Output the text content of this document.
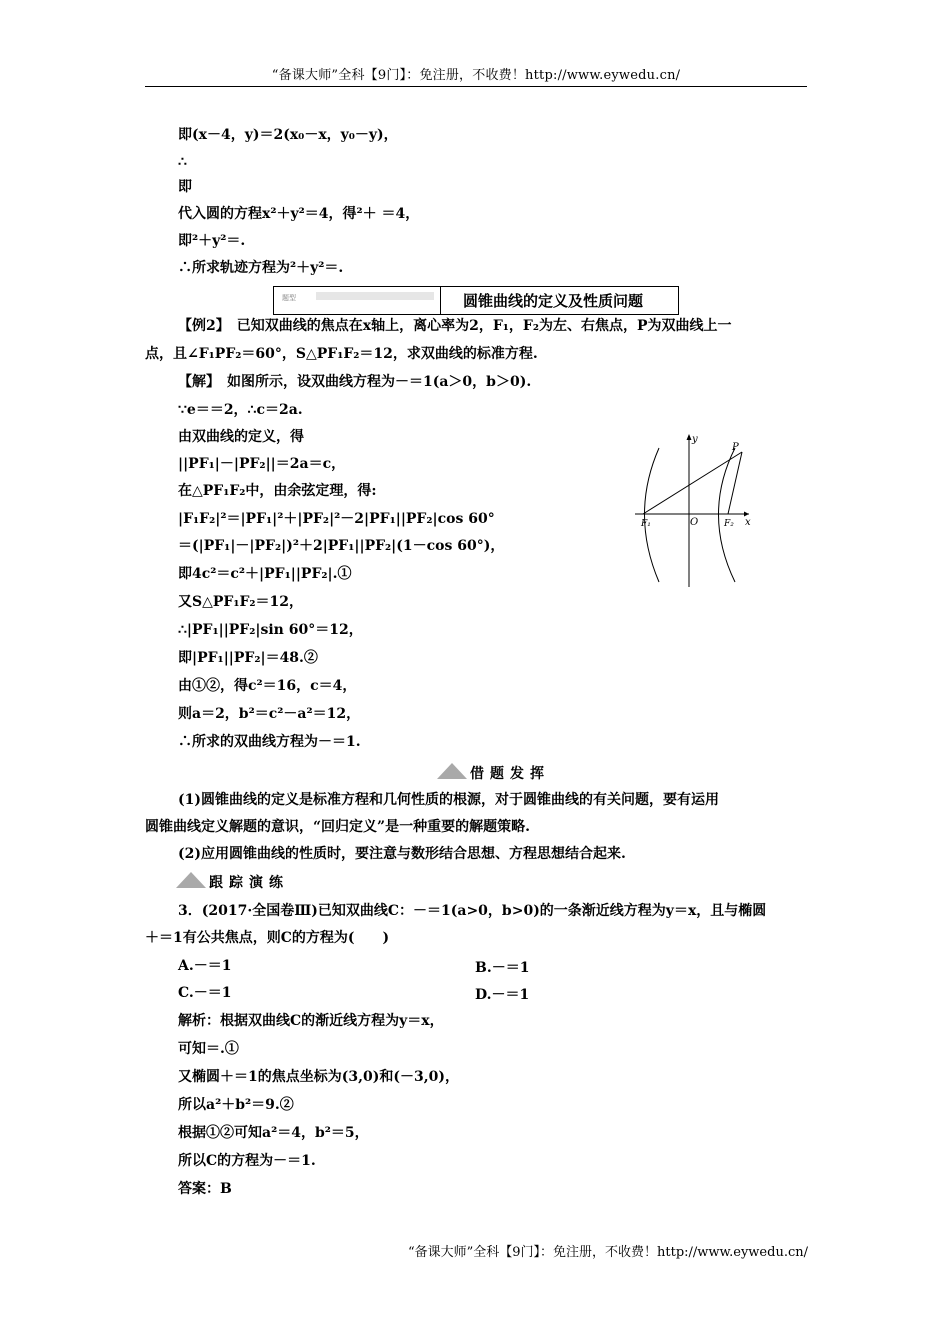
“备课大师”全科【9门】：免注册，不收费！http://www.eywedu.cn/
即(x－4，y)＝2(x₀－x，y₀－y)，
∴
即
代入圆的方程x²＋y²＝4，得²＋ ＝4，
即²＋y²＝.
∴所求轨迹方程为²＋y²＝.
题型	圆锥曲线的定义及性质问题
【例2】　已知双曲线的焦点在x轴上，离心率为2，F₁，F₂为左、右焦点，P为双曲线上一
点，且∠F₁PF₂＝60°，S△PF₁F₂＝12，求双曲线的标准方程.
【解】　如图所示，设双曲线方程为－＝1(a＞0，b＞0).
∵e＝＝2，∴c＝2a.
由双曲线的定义，得
||PF₁|－|PF₂||＝2a＝c，
在△PF₁F₂中，由余弦定理，得:
|F₁F₂|²＝|PF₁|²＋|PF₂|²－2|PF₁||PF₂|cos 60°
＝(|PF₁|－|PF₂|)²＋2|PF₁||PF₂|(1－cos 60°)，
即4c²＝c²＋|PF₁||PF₂|.①
又S△PF₁F₂＝12，
∴|PF₁||PF₂|sin 60°＝12，
即|PF₁||PF₂|＝48.②
由①②，得c²＝16，c＝4，
则a＝2，b²＝c²－a²＝12，
∴所求的双曲线方程为－＝1.
y
x
P
O
F₁	F₂
借题发挥
(1)圆锥曲线的定义是标准方程和几何性质的根源，对于圆锥曲线的有关问题，要有运用
圆锥曲线定义解题的意识，“回归定义”是一种重要的解题策略.
(2)应用圆锥曲线的性质时，要注意与数形结合思想、方程思想结合起来.
跟踪演练
3．(2017·全国卷Ⅲ)已知双曲线C：－＝1(a>0，b>0)的一条渐近线方程为y＝x，且与椭圆
＋＝1有公共焦点，则C的方程为(　　)
A.－＝1	B.－＝1
C.－＝1	D.－＝1
解析：根据双曲线C的渐近线方程为y＝x，
可知＝.①
又椭圆＋＝1的焦点坐标为(3,0)和(－3,0)，
所以a²＋b²＝9.②
根据①②可知a²＝4，b²＝5，
所以C的方程为－＝1.
答案：B
“备课大师”全科【9门】：免注册，不收费！http://www.eywedu.cn/
